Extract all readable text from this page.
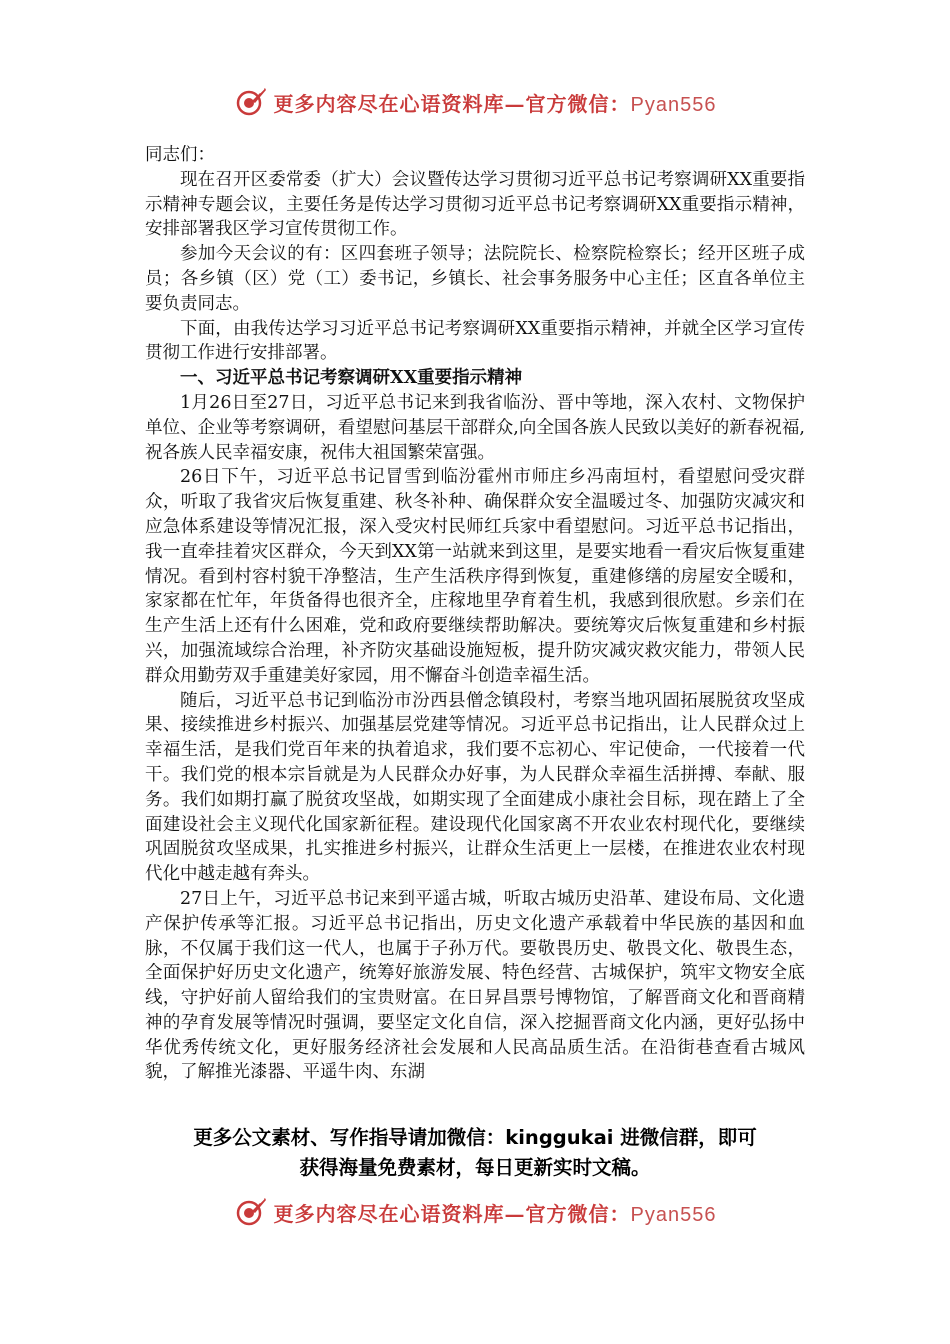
更多内容尽在心语资料库—官方微信：Pyan556

同志们：

现在召开区委常委（扩大）会议暨传达学习贯彻习近平总书记考察调研XX重要指示精神专题会议，主要任务是传达学习贯彻习近平总书记考察调研XX重要指示精神，安排部署我区学习宣传贯彻工作。

参加今天会议的有：区四套班子领导；法院院长、检察院检察长；经开区班子成员；各乡镇（区）党（工）委书记，乡镇长、社会事务服务中心主任；区直各单位主要负责同志。

下面，由我传达学习习近平总书记考察调研XX重要指示精神，并就全区学习宣传贯彻工作进行安排部署。

一、习近平总书记考察调研XX重要指示精神

1月26日至27日，习近平总书记来到我省临汾、晋中等地，深入农村、文物保护单位、企业等考察调研，看望慰问基层干部群众,向全国各族人民致以美好的新春祝福,祝各族人民幸福安康，祝伟大祖国繁荣富强。

26日下午，习近平总书记冒雪到临汾霍州市师庄乡冯南垣村，看望慰问受灾群众，听取了我省灾后恢复重建、秋冬补种、确保群众安全温暖过冬、加强防灾减灾和应急体系建设等情况汇报，深入受灾村民师红兵家中看望慰问。习近平总书记指出，我一直牵挂着灾区群众，今天到XX第一站就来到这里，是要实地看一看灾后恢复重建情况。看到村容村貌干净整洁，生产生活秩序得到恢复，重建修缮的房屋安全暖和，家家都在忙年，年货备得也很齐全，庄稼地里孕育着生机，我感到很欣慰。乡亲们在生产生活上还有什么困难，党和政府要继续帮助解决。要统筹灾后恢复重建和乡村振兴，加强流域综合治理，补齐防灾基础设施短板，提升防灾减灾救灾能力，带领人民群众用勤劳双手重建美好家园，用不懈奋斗创造幸福生活。

随后，习近平总书记到临汾市汾西县僧念镇段村，考察当地巩固拓展脱贫攻坚成果、接续推进乡村振兴、加强基层党建等情况。习近平总书记指出，让人民群众过上幸福生活，是我们党百年来的执着追求，我们要不忘初心、牢记使命，一代接着一代干。我们党的根本宗旨就是为人民群众办好事，为人民群众幸福生活拼搏、奉献、服务。我们如期打赢了脱贫攻坚战，如期实现了全面建成小康社会目标，现在踏上了全面建设社会主义现代化国家新征程。建设现代化国家离不开农业农村现代化，要继续巩固脱贫攻坚成果，扎实推进乡村振兴，让群众生活更上一层楼，在推进农业农村现代化中越走越有奔头。

27日上午，习近平总书记来到平遥古城，听取古城历史沿革、建设布局、文化遗产保护传承等汇报。习近平总书记指出，历史文化遗产承载着中华民族的基因和血脉，不仅属于我们这一代人，也属于子孙万代。要敬畏历史、敬畏文化、敬畏生态，全面保护好历史文化遗产，统筹好旅游发展、特色经营、古城保护，筑牢文物安全底线，守护好前人留给我们的宝贵财富。在日昇昌票号博物馆，了解晋商文化和晋商精神的孕育发展等情况时强调，要坚定文化自信，深入挖掘晋商文化内涵，更好弘扬中华优秀传统文化，更好服务经济社会发展和人民高品质生活。在沿街巷查看古城风貌，了解推光漆器、平遥牛肉、东湖

更多公文素材、写作指导请加微信：kinggukai 进微信群，即可
获得海量免费素材，每日更新实时文稿。
更多内容尽在心语资料库—官方微信：Pyan556
